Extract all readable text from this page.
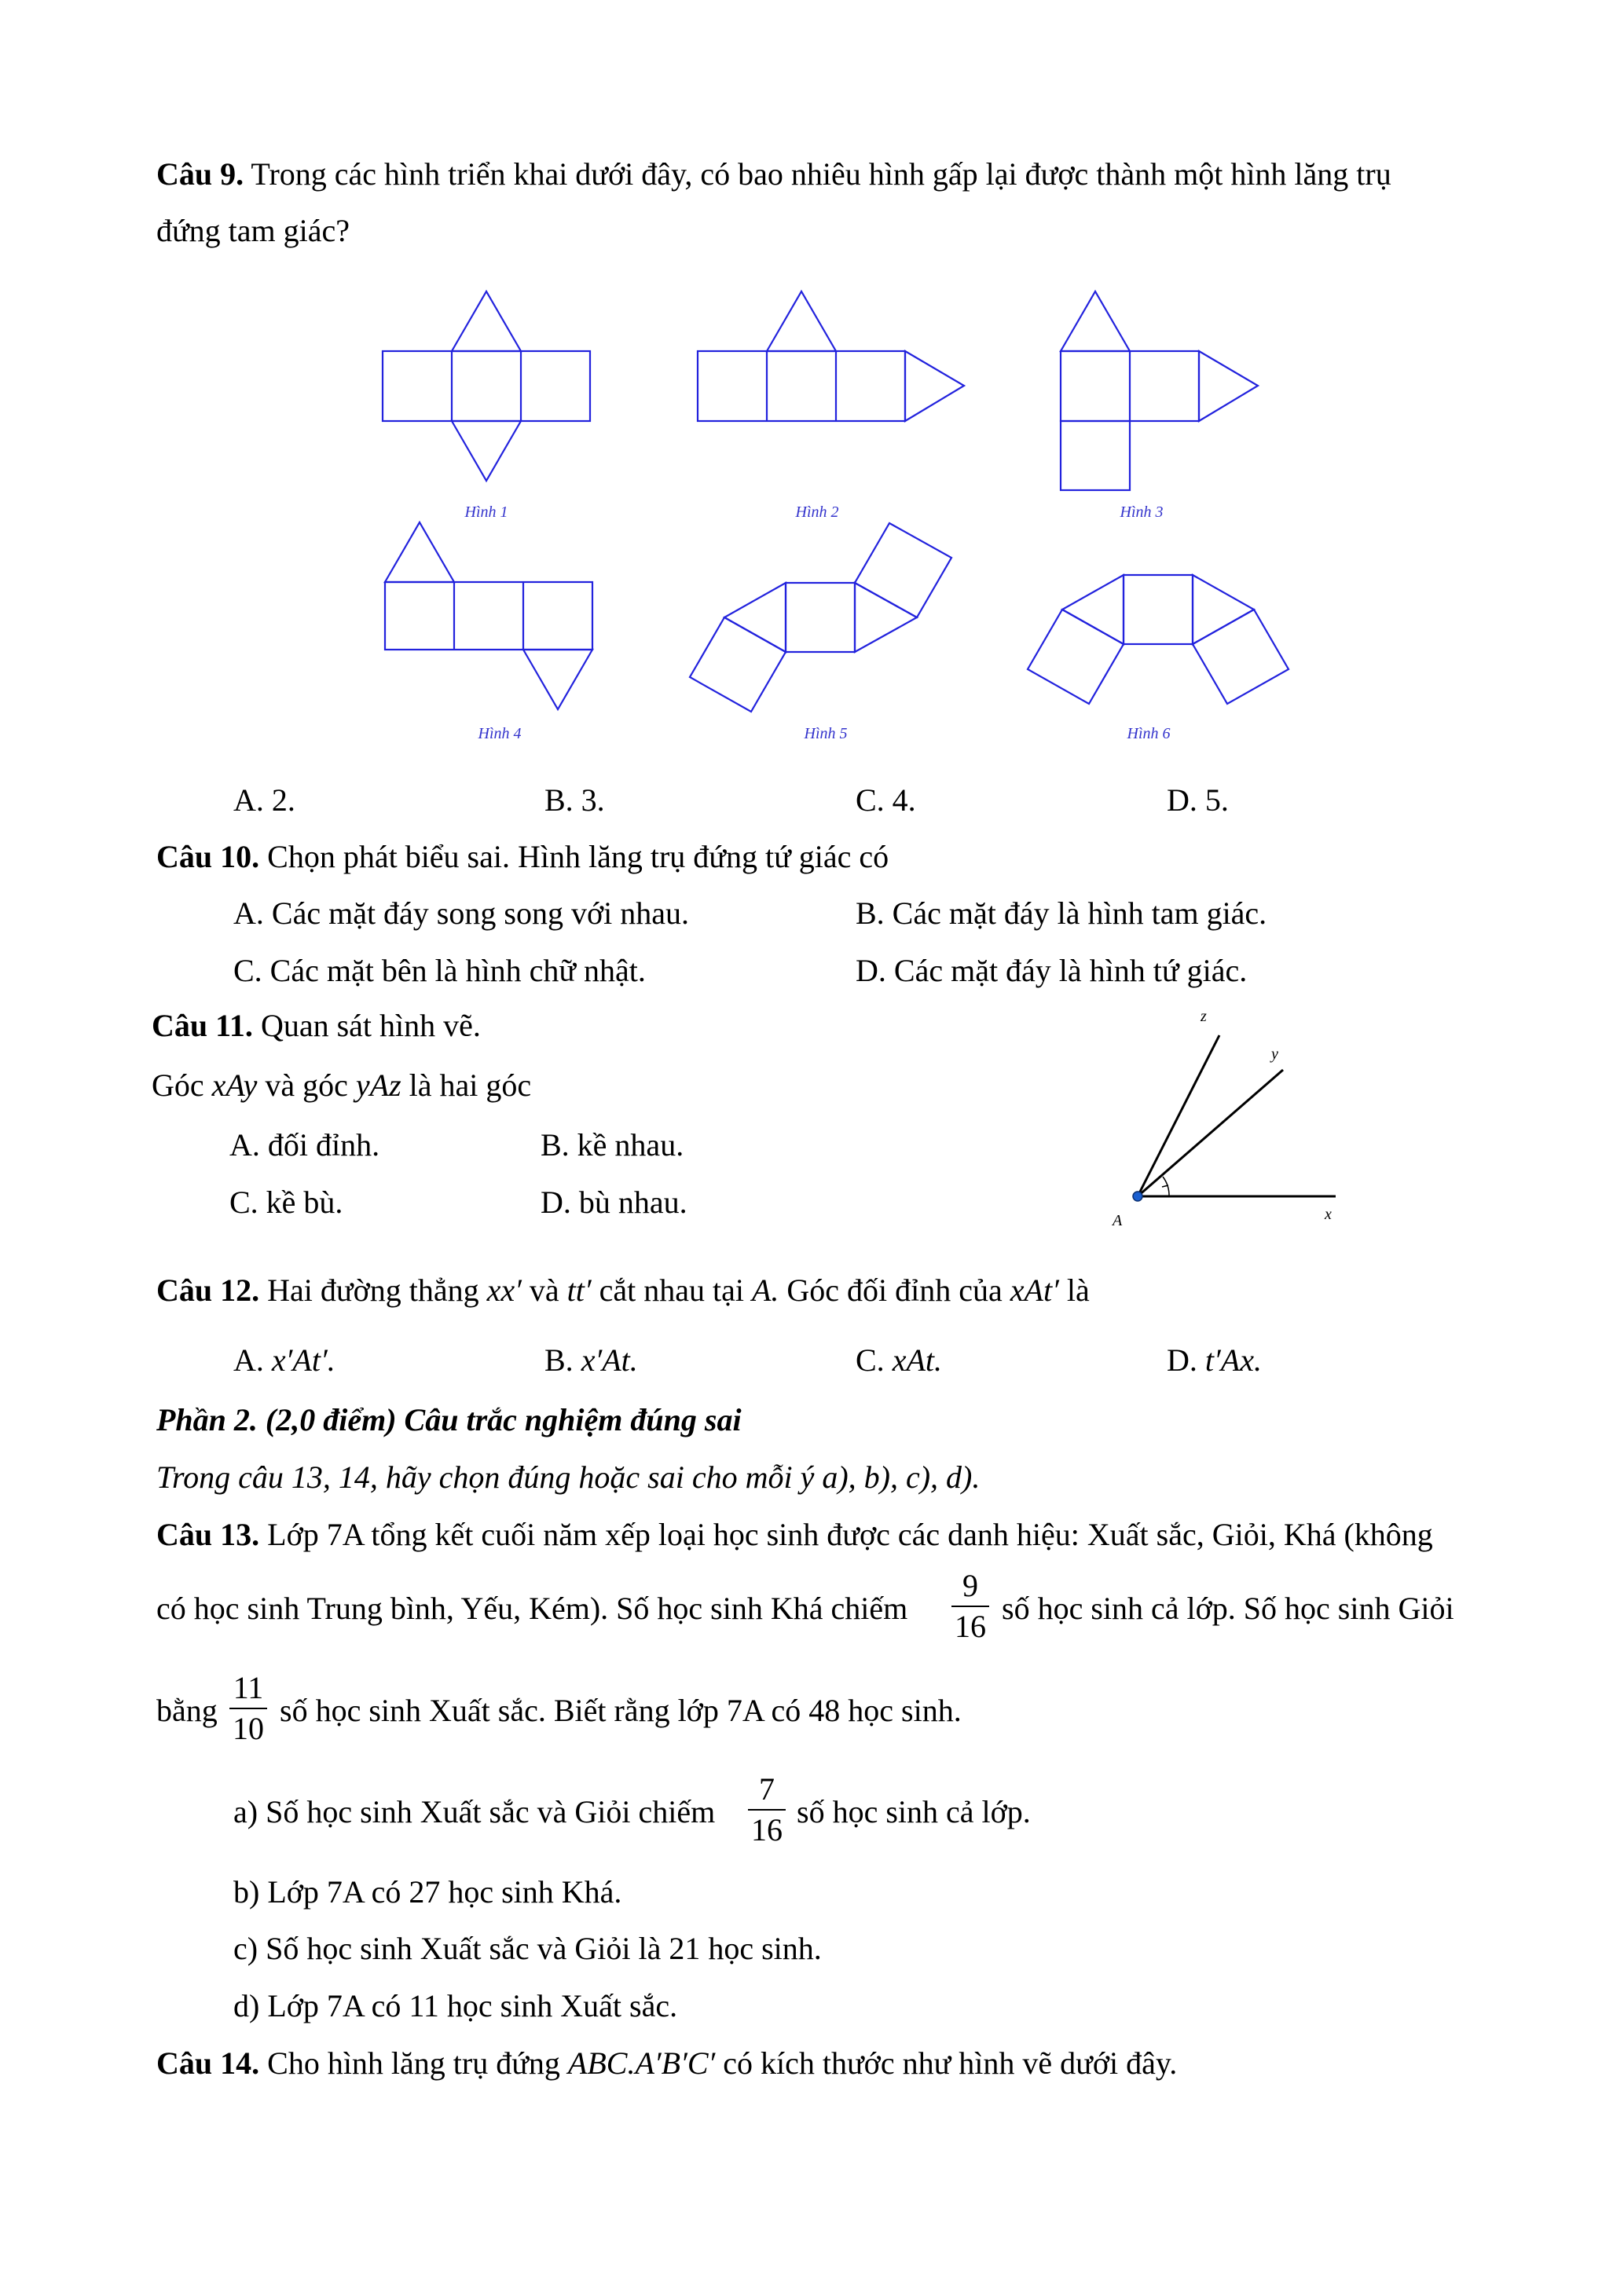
Câu 9. Trong các hình triển khai dưới đây, có bao nhiêu hình gấp lại được thành một hình lăng trụ
đứng tam giác?
Hình 1	Hình 2	Hình 3
Hình 4	Hình 5	Hình 6
A. 2.	B. 3.	C. 4.	D. 5.
Câu 10. Chọn phát biểu sai. Hình lăng trụ đứng tứ giác có
A. Các mặt đáy song song với nhau.	B. Các mặt đáy là hình tam giác.
C. Các mặt bên là hình chữ nhật.	D. Các mặt đáy là hình tứ giác.
Câu 11. Quan sát hình vẽ.
Góc xAy và góc yAz là hai góc
A. đối đỉnh.	B. kề nhau.
C. kề bù.	D. bù nhau.
z
y
x
A
Câu 12. Hai đường thẳng xx′ và tt′ cắt nhau tại A. Góc đối đỉnh của xAt′ là
A. x′At′.	B. x′At.	C. xAt.	D. t′Ax.
Phần 2. (2,0 điểm) Câu trắc nghiệm đúng sai
Trong câu 13, 14, hãy chọn đúng hoặc sai cho mỗi ý a), b), c), d).
Câu 13. Lớp 7A tổng kết cuối năm xếp loại học sinh được các danh hiệu: Xuất sắc, Giỏi, Khá (không
có học sinh Trung bình, Yếu, Kém). Số học sinh Khá chiếm
9
16
số học sinh cả lớp. Số học sinh Giỏi
bằng
11
10
số học sinh Xuất sắc. Biết rằng lớp 7A có 48 học sinh.
a) Số học sinh Xuất sắc và Giỏi chiếm
7
16
số học sinh cả lớp.
b) Lớp 7A có 27 học sinh Khá.
c) Số học sinh Xuất sắc và Giỏi là 21 học sinh.
d) Lớp 7A có 11 học sinh Xuất sắc.
Câu 14. Cho hình lăng trụ đứng ABC.A′B′C′ có kích thước như hình vẽ dưới đây.
